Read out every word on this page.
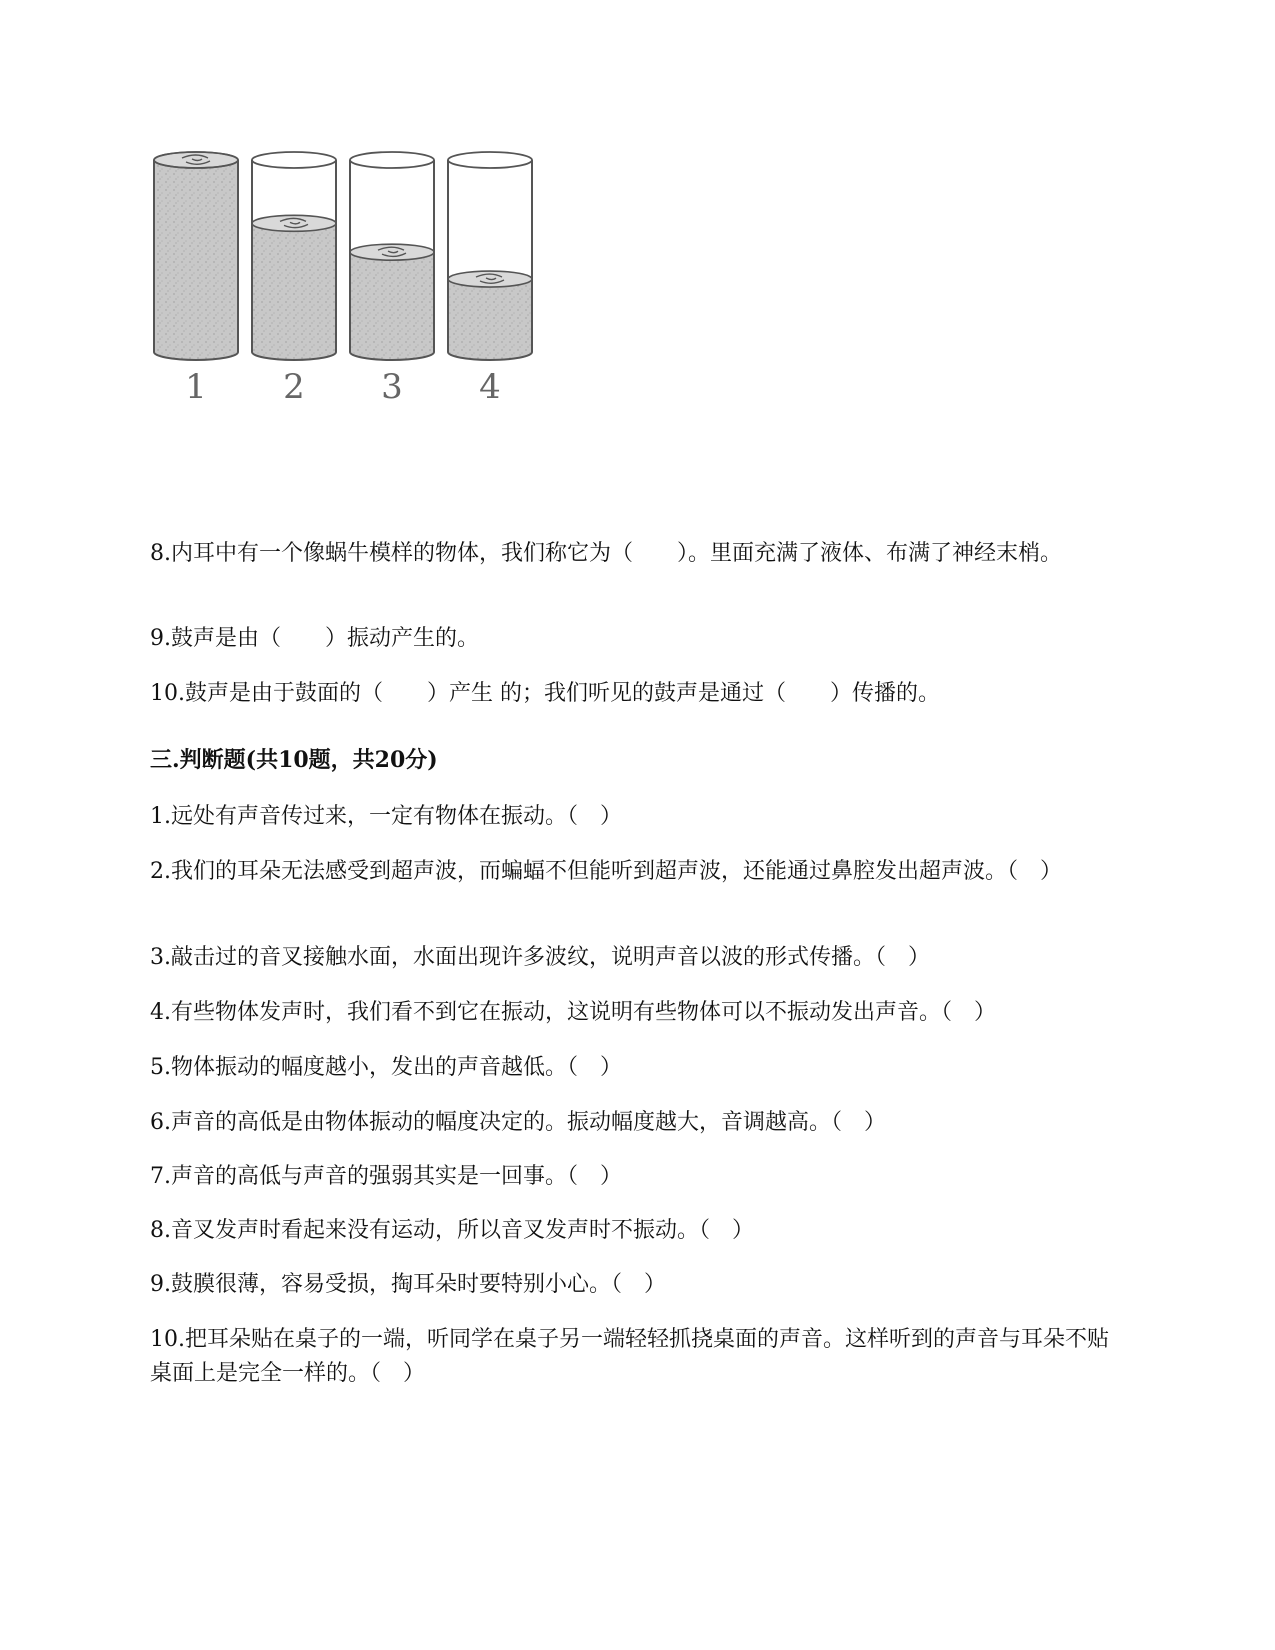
1 2 3 4
8.内耳中有一个像蜗牛模样的物体，我们称它为（　　）。里面充满了液体、布满了神经末梢。
9.鼓声是由（　　）振动产生的。
10.鼓声是由于鼓面的（　　）产生 的；我们听见的鼓声是通过（　　）传播的。
三.判断题(共10题，共20分)
1.远处有声音传过来，一定有物体在振动。（　）
2.我们的耳朵无法感受到超声波，而蝙蝠不但能听到超声波，还能通过鼻腔发出超声波。（　）
3.敲击过的音叉接触水面，水面出现许多波纹，说明声音以波的形式传播。（　）
4.有些物体发声时，我们看不到它在振动，这说明有些物体可以不振动发出声音。（　）
5.物体振动的幅度越小，发出的声音越低。（　）
6.声音的高低是由物体振动的幅度决定的。振动幅度越大，音调越高。（　）
7.声音的高低与声音的强弱其实是一回事。（　）
8.音叉发声时看起来没有运动，所以音叉发声时不振动。（　）
9.鼓膜很薄，容易受损，掏耳朵时要特别小心。（　）
10.把耳朵贴在桌子的一端，听同学在桌子另一端轻轻抓挠桌面的声音。这样听到的声音与耳朵不贴桌面上是完全一样的。（　）
